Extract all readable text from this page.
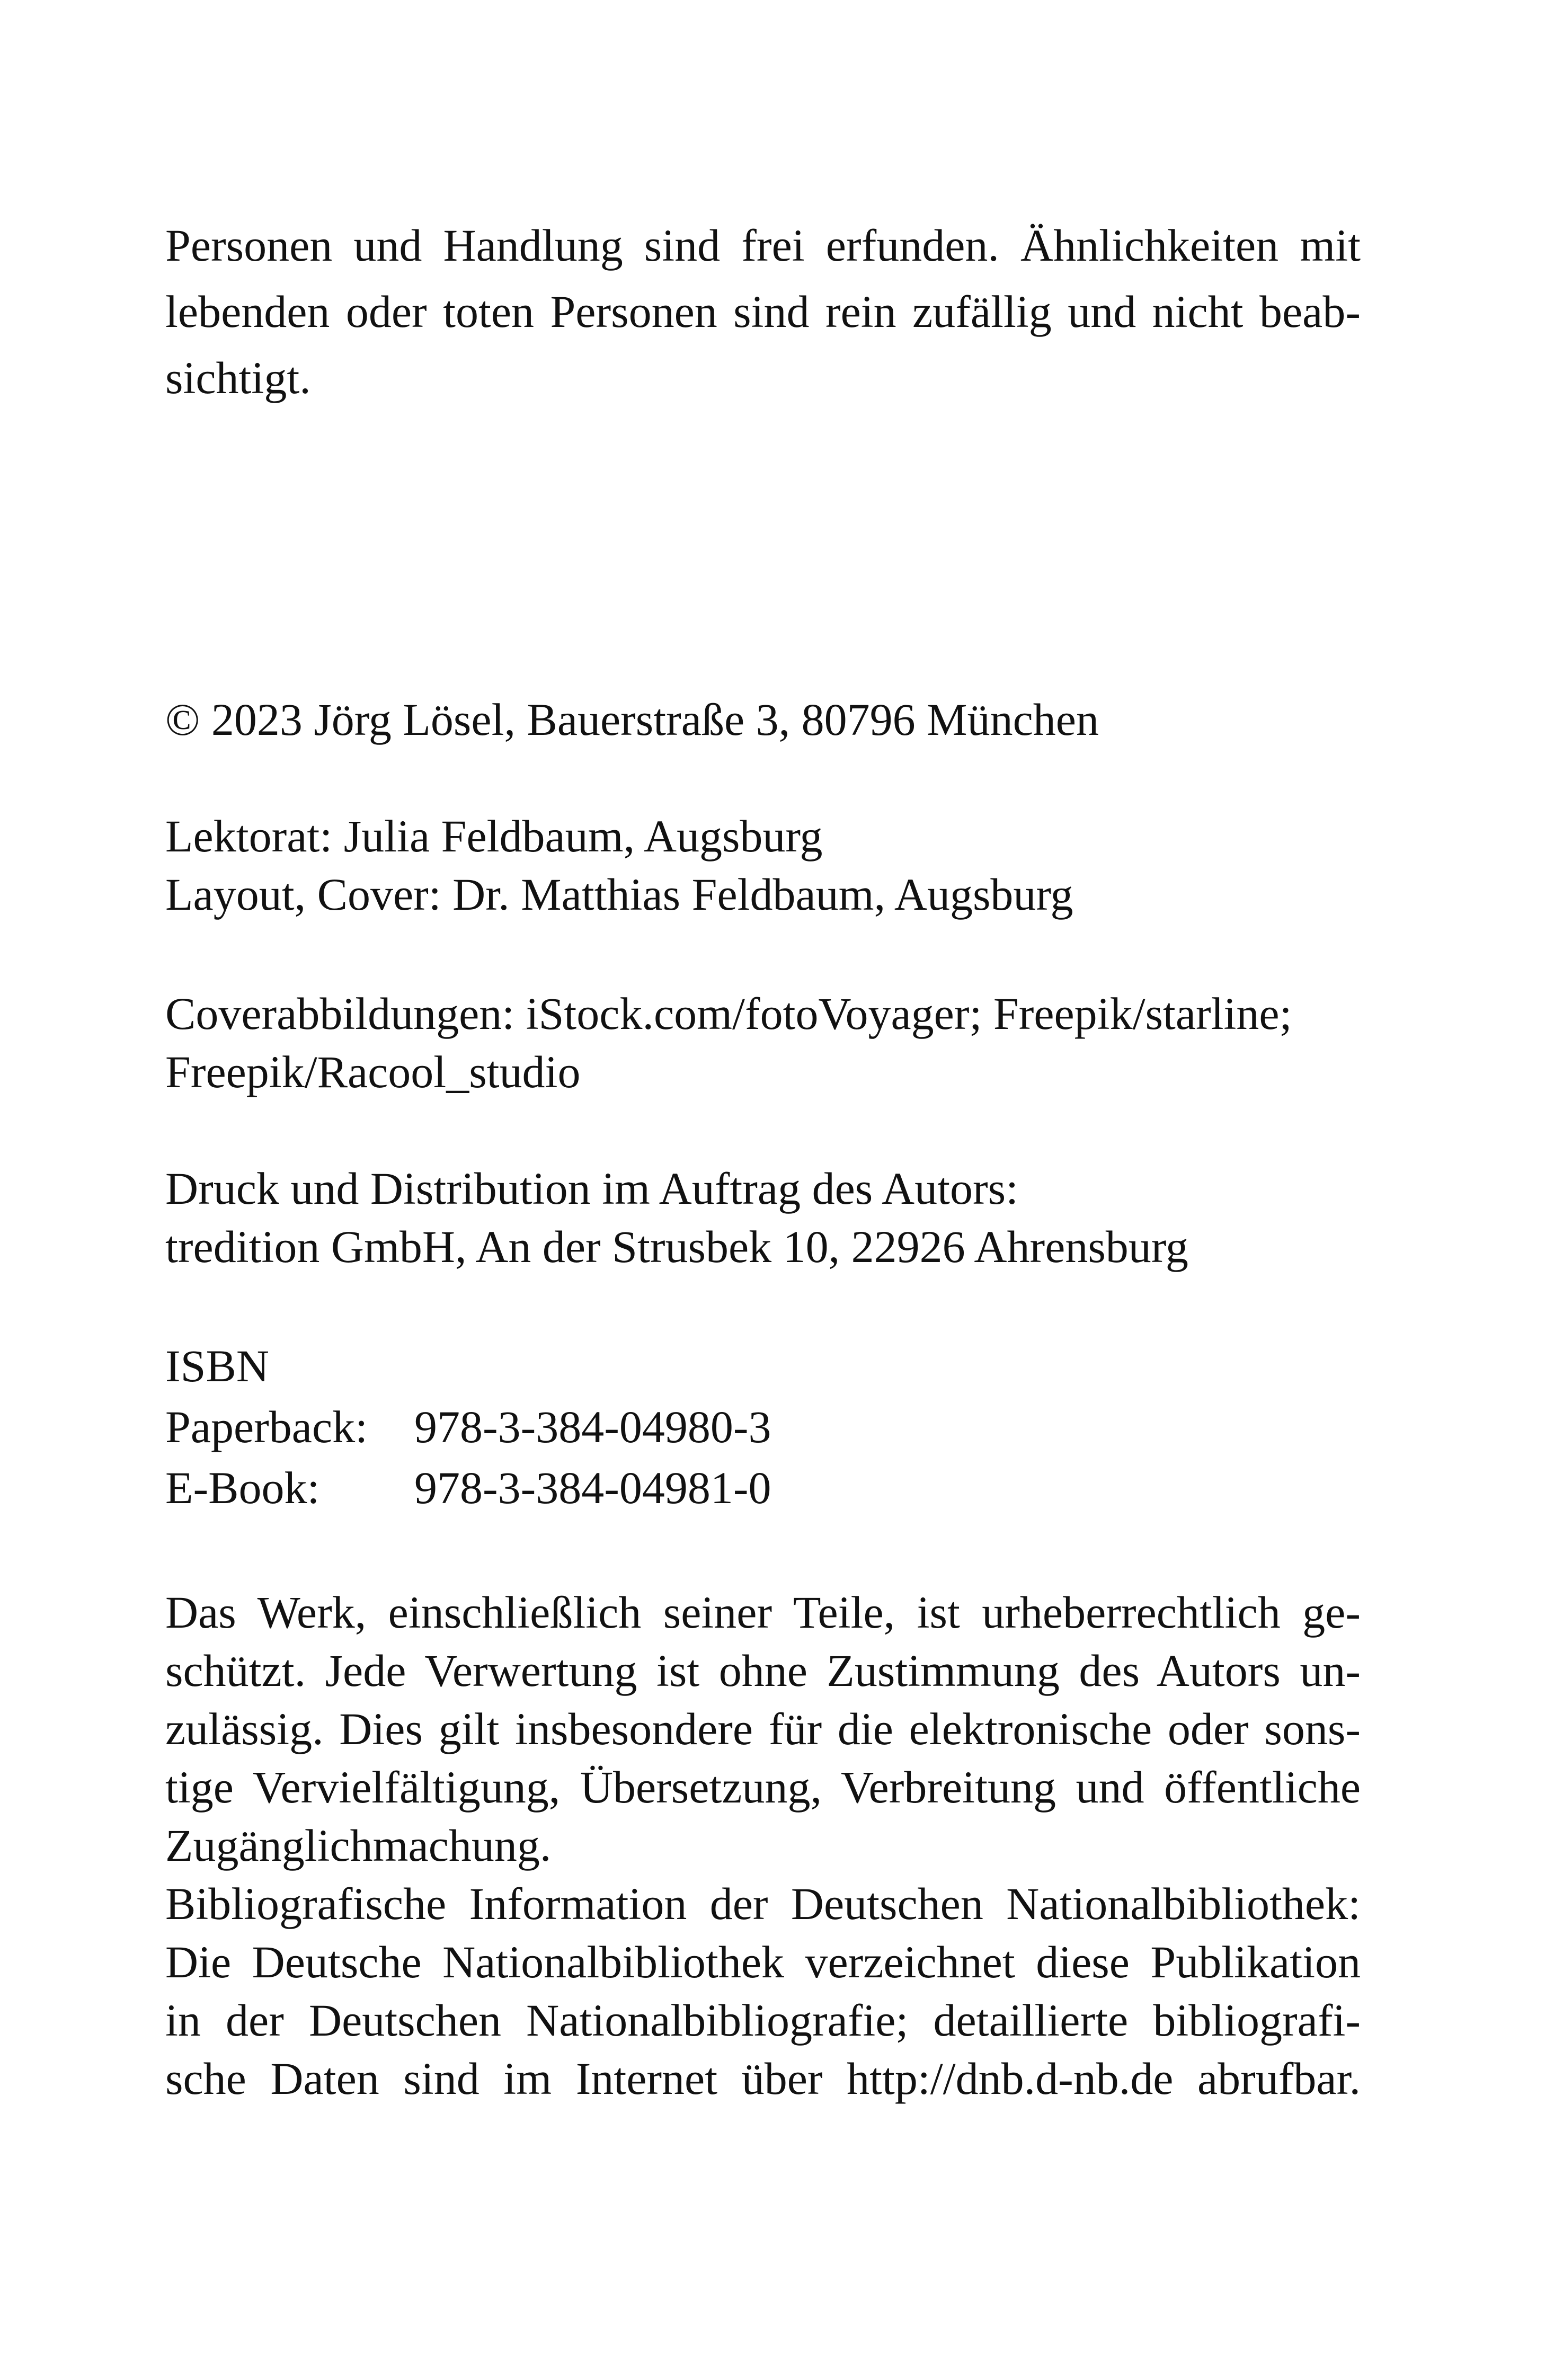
Personen und Handlung sind frei erfunden. Ähnlichkeiten mit
lebenden oder toten Personen sind rein zufällig und nicht beab-
sichtigt.
© 2023 Jörg Lösel, Bauerstraße 3, 80796 München
Lektorat: Julia Feldbaum, Augsburg
Layout, Cover: Dr. Matthias Feldbaum, Augsburg
Coverabbildungen: iStock.com/fotoVoyager; Freepik/starline;
Freepik/Racool_studio
Druck und Distribution im Auftrag des Autors:
tredition GmbH, An der Strusbek 10, 22926 Ahrensburg
ISBN
Paperback: 978-3-384-04980-3
E-Book: 978-3-384-04981-0
Das Werk, einschließlich seiner Teile, ist urheberrechtlich ge-
schützt. Jede Verwertung ist ohne Zustimmung des Autors un-
zulässig. Dies gilt insbesondere für die elektronische oder sons-
tige Vervielfältigung, Übersetzung, Verbreitung und öffentliche
Zugänglichmachung.
Bibliografische Information der Deutschen Nationalbibliothek:
Die Deutsche Nationalbibliothek verzeichnet diese Publikation
in der Deutschen Nationalbibliografie; detaillierte bibliografi-
sche Daten sind im Internet über http://dnb.d-nb.de abrufbar.
